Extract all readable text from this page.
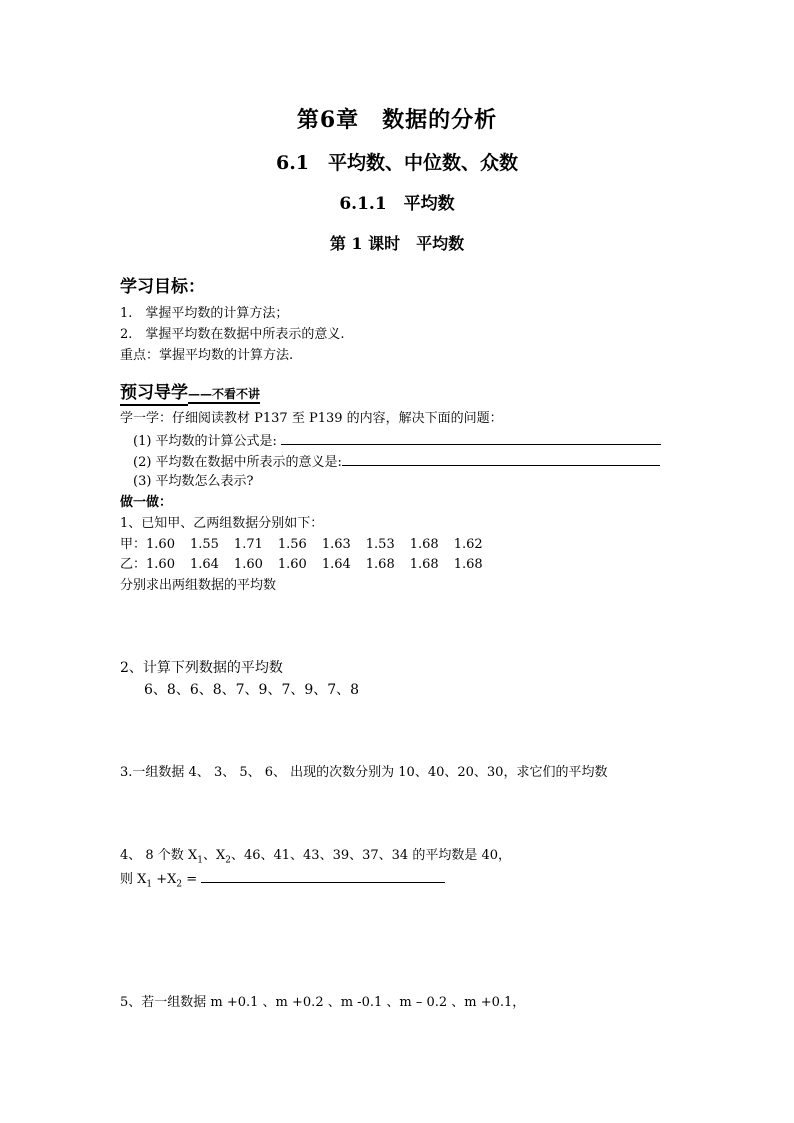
第6章　数据的分析
6.1　平均数、中位数、众数
6.1.1　平均数
第 1 课时　平均数
学习目标：
1.　掌握平均数的计算方法；
2.　掌握平均数在数据中所表示的意义.
重点：掌握平均数的计算方法.
预习导学——不看不讲
学一学：仔细阅读教材 P137 至 P139 的内容，解决下面的问题：
(1) 平均数的计算公式是:
(2) 平均数在数据中所表示的意义是:
(3) 平均数怎么表示?
做一做：
1、已知甲、乙两组数据分别如下：
甲：1.60 1.55 1.71 1.56 1.63 1.53 1.68 1.62
乙：1.60 1.64 1.60 1.60 1.64 1.68 1.68 1.68
分别求出两组数据的平均数
2、计算下列数据的平均数
6、8、6、8、7、9、7、9、7、8
3.一组数据 4、 3、 5、 6、 出现的次数分别为 10、40、20、30，求它们的平均数
4、 8 个数 $X_1$、$X_2$、46、41、43、39、37、34 的平均数是 40，
则 $X_1 +X_2$ =
5、若一组数据 m +0.1 、m +0.2 、m -0.1 、m – 0.2 、m +0.1，
